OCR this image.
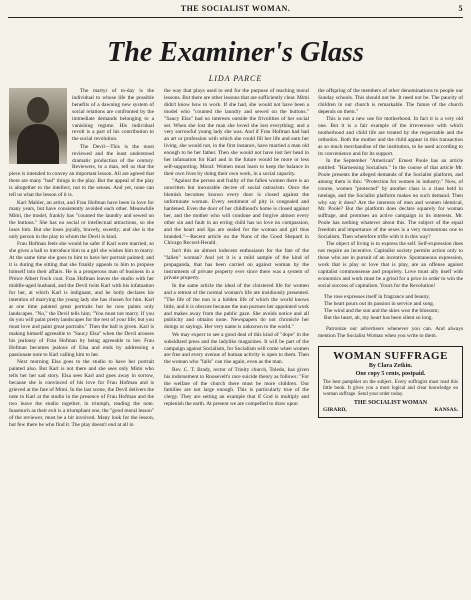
THE SOCIALIST WOMAN.	5
The Examiner's Glass
LIDA PARCE

The martyr of to-day is the individual to whose life the possible benefits of a dawning new system of social relations are confronted by the immediate demands belonging to a vanishing regime. His individual revolt is a part of his contribution to the social revolution.

The Devil—This is the most reviewed and the least understood dramatic production of the century. Reviewers, to a man, tell us that the piece is intended to convey an important lesson. All are agreed that there are many "bad" things in the play. But the appeal of the play is altogether to the intellect, not to the senses. And yet, none can tell us what the lesson of it is.

Karl Mahler, an artist, and Frau Hofman have been in love for many years, but have consistently avoided each other. Meanwhile Mimi, the model, frankly has "counted the laundry and sewed on the buttons." She has no social or intellectual attractions, so she loses him. But she loses joyally, bravely, sweetly; and she is the only person in the play to whom the Devil is kind.

Frau Hofman feels she would be safer if Karl were married, so she gives a ball to introduce him to a girl she wishes him to marry. At the same time she goes to him to have her portrait painted; and it is during the sitting that she frankly appeals to him to propose himself into their affairs. He is a prosperous man of business in a Prince Albert frock coat. Frau Hofman leaves the studio with her middle-aged husband, and the Devil twits Karl with his infatuation for her, at which Karl is indignant, and he hotly declares his intention of marrying the young lady she has chosen for him. Karl at one time painted great portraits but he now paints only landscapes. "No," the Devil tells him; "You must not marry. If you do you will paint pretty landscapes for the rest of your life; but you must love and paint great portraits." Then the ball is given. Karl is making himself agreeable to "Saucy Elsa" when the Devil arouses his jealousy of Frau Hofman by being agreeable to her. Frau Hofman becomes jealous of Elsa and ends by addressing a passionate note to Karl calling him to her.

Next morning Elsa goes to the studio to have her portrait painted also. But Karl is not there and she sees only Mimi who tells her her sad story. Elsa sees Karl and goes away in sorrow, because she is convinced of his love for Frau Hofman and is grieved at the fate of Mimi. In the last scene, the Devil delivers the note to Karl at the studio in the presence of Frau Hofman and the two leave the studio together, in triumph, reading the note. Inasmuch as their exit is a triumphant one, the "good moral lesson" of the reviewer, must be a bit involved. Many look for the lesson, but few there be who find it. The play doesn't end at all in

the way that plays used to end for the purpose of teaching moral lessons. But there are other lessons that are sufficiently clear. Mimi didn't know how to work. If she had, she would not have been a model who "counted the laundry and sewed on the buttons." "Saucy Elsa" had no interests outside the frivolities of her social set. When she lost the man she loved she lost everything; and a very sorrowful young lady she was. And if Frau Hofman had had an art or profession with which she could fill her life and earn her living, she would not, in the first instance, have married a man old enough to be her father. Then she would not have lost her head in her infatuation for Karl and in the future would be more or less self-supporting. Moral: Women must learn to keep the balance in their own lives by doing their own work, in a social capacity.

"Against the person and frailty of the fallen women there is an unwritten but inexorable decree of social ostracism. Once the blemish becomes known every door is closed against the unfortunate woman. Every sentiment of pity is congealed and hardened. Even the door of her childhood's home is closed against her, and the mother who will condone and forgive almost every other sin and fault in an erring child has no love no compassion, and the heart and lips are sealed for the woman and girl thus branded."—Recent article on the Nuns of the Good Shepard in Chicago Record-Herald.

Isn't this an almost indecent enthusiasm for the fate of the "fallen" woman? And yet it is a mild sample of the kind of propaganda, that has been carried on against woman by the instruments of private property ever since there was a system of private property.

In the same article the ideal of the cloistered life for women and a retreat of the normal woman's life are insidiously presented. "The life of the nun is a hidden life of which the world knows little, and it is obscure because the nun pursues her appointed work and makes away from the public gaze. She avoids notice and all publicity and obtains none. Newspapers do not chronicle her doings or sayings. Her very name is unknown to the world."

We may expect to see a good deal of this kind of "dope" in the subsidized press and the ladylike magazines. It will be part of the campaign against Socialism, for Socialism will come when women are free and every avenue of human activity is open to them. Then the woman who "falls" can rise again, even as the man.

Rev. C. T. Brady, rector of Trinity church, Toledo, has given his indorsement to Roosevelt's race suicide theory as follows: "For the welfare of the church there must be more children. Our families are not large enough. This is particularly true of the clergy. They are setting an example that if God is multiply and replenish the earth. At present we are compelled to draw upon

the offspring of the members of other denominations to people our Sunday schools. This should not be. It need not be. The paucity of children in our church is remarkable. The future of the church depends on them."

This is not a new use for motherhood. In fact it is a very old one. But it is a fair example of the irreverence with which motherhood and child life are treated by the respectable and the orthodox. Both the mother and the child appear in this transaction as so much merchandise of the institution, to be used according to its convenience and for its support.

In the September "American" Ernest Poole has an article entitled: "Harnessing Socialism." In the course of that article Mr. Poole presents the alleged demands of the Socialist platform, and among them is this: "Protection for women in industry." Now, of course, women "protected" by another class is a class held in tutelage, and the Socialist platform makes no such demand. Then why say it does? Are the interests of men and women identical, Mr. Poole? But the platform does declare squarely for woman suffrage, and promises an active campaign in its interests. Mr. Poole has nothing whatever about this. The subject of the equal freedom and importance of the sexes is a very momentous one to Socialism. Then wherefore trifle with it in this way?

The object of living is to express the self. Self-expression does not require an incentive. Capitalist society permits action only to those who are in pursuit of an incentive. Spontaneous expression, work that is play or love that is play, are an offense against capitalist commonsense and propriety. Love must ally itself with economics and work must be a grind for a price in order to win the social success of capitalism. Yours for the Revolution!

The rose expresses itself in fragrance and beauty,

The heart pours out its passion in service and song.

The wind and the sun and the skies woo the blossom;

But the heart, ah, my heart has been silent so long.

Patronize our advertisers whenever you can. And always mention The Socialist Woman when you write to them.

WOMAN SUFFRAGE
By Clara Zetkin.
One copy 5 cents, postpaid.
The best pamphlet on the subject. Every suffragist must read this little book. It gives you a most logical and clear knowledge on woman suffrage. Send your order today.
THE SOCIALIST WOMAN
GIRARD,	KANSAS.
